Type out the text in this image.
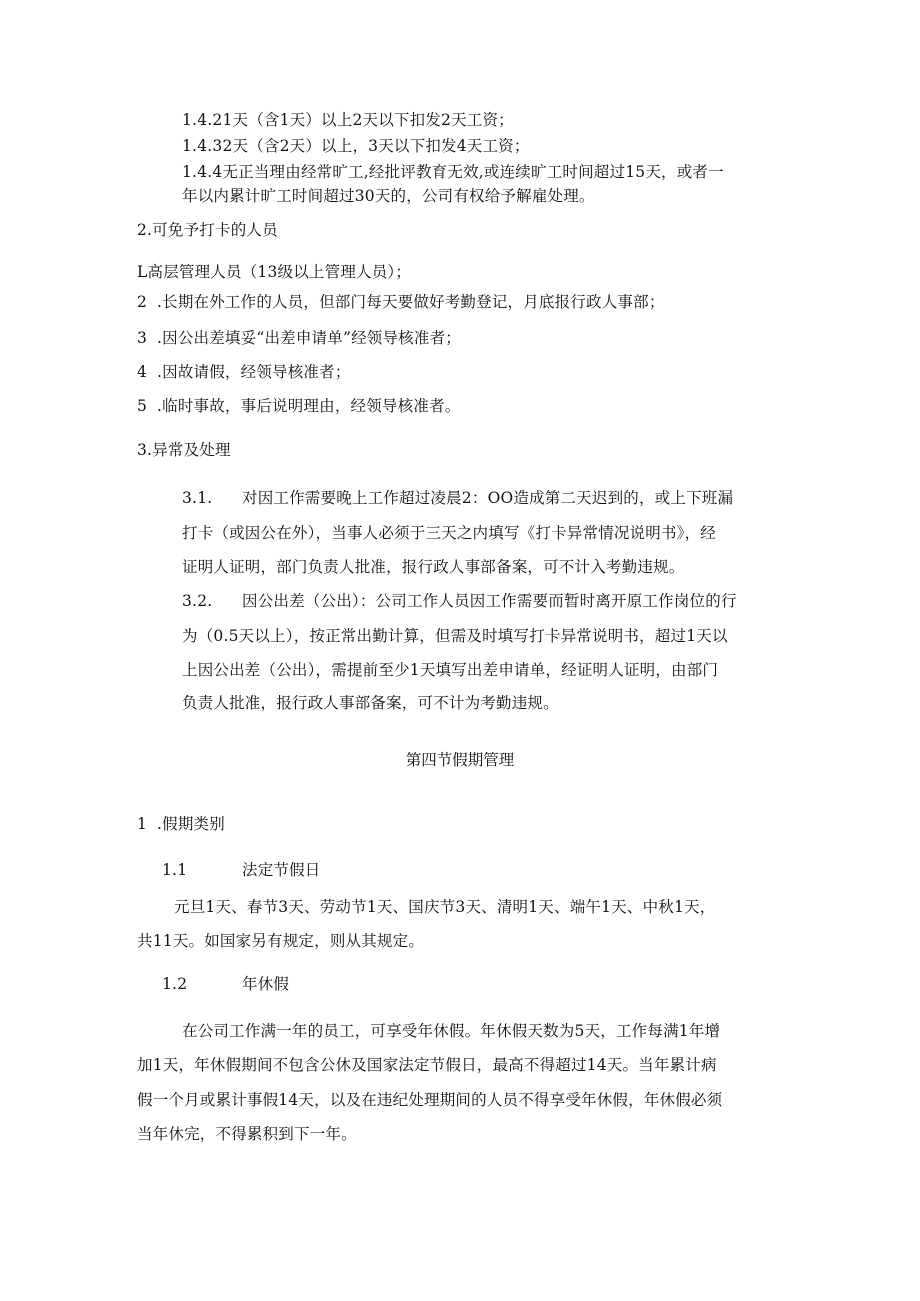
1.4.21天（含1天）以上2天以下扣发2天工资；
1.4.32天（含2天）以上，3天以下扣发4天工资；
1.4.4无正当理由经常旷工,经批评教育无效,或连续旷工时间超过15天，或者一
年以内累计旷工时间超过30天的，公司有权给予解雇处理。
2.可免予打卡的人员
L高层管理人员（13级以上管理人员）；
2 .长期在外工作的人员，但部门每天要做好考勤登记，月底报行政人事部；
3 .因公出差填妥“出差申请单”经领导核准者；
4 .因故请假，经领导核准者；
5 .临时事故，事后说明理由，经领导核准者。
3.异常及处理
3.1. 对因工作需要晚上工作超过凌晨2：OO造成第二天迟到的，或上下班漏
打卡（或因公在外），当事人必须于三天之内填写《打卡异常情况说明书》，经
证明人证明，部门负责人批准，报行政人事部备案，可不计入考勤违规。
3.2. 因公出差（公出）：公司工作人员因工作需要而暂时离开原工作岗位的行
为（0.5天以上），按正常出勤计算，但需及时填写打卡异常说明书，超过1天以
上因公出差（公出），需提前至少1天填写出差申请单，经证明人证明，由部门
负责人批准，报行政人事部备案，可不计为考勤违规。
第四节假期管理
1 .假期类别
1.1	法定节假日
元旦1天、春节3天、劳动节1天、国庆节3天、清明1天、端午1天、中秋1天，
共11天。如国家另有规定，则从其规定。
1.2	年休假
在公司工作满一年的员工，可享受年休假。年休假天数为5天，工作每满1年增
加1天，年休假期间不包含公休及国家法定节假日，最高不得超过14天。当年累计病
假一个月或累计事假14天，以及在违纪处理期间的人员不得享受年休假，年休假必须
当年休完，不得累积到下一年。
